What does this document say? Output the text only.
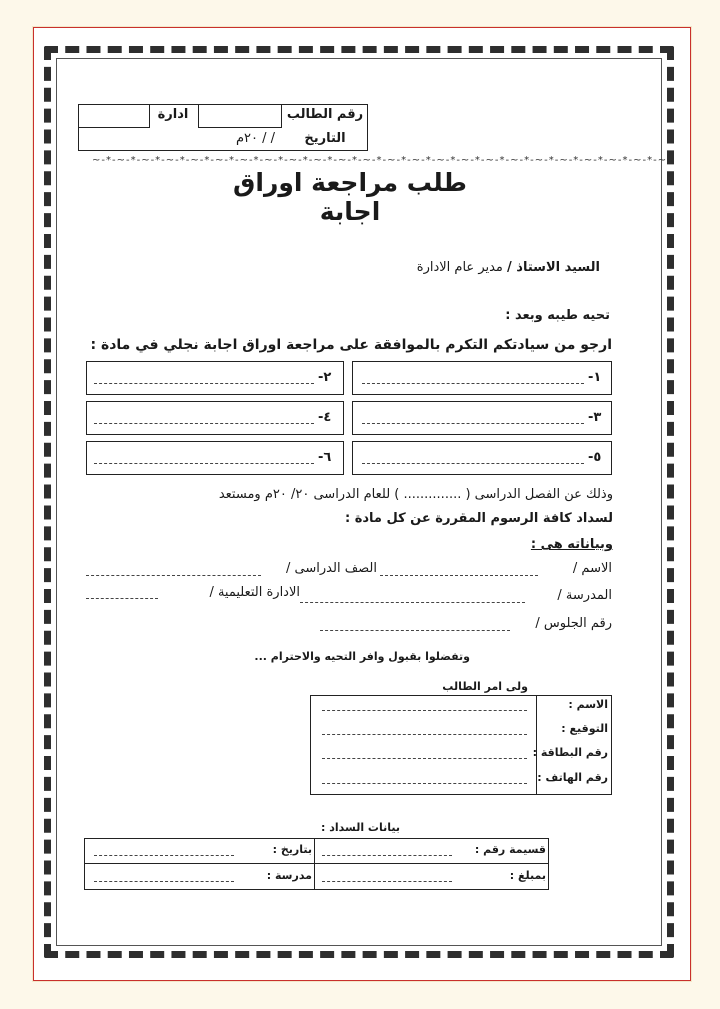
ادارة	رقم الطالب
التاريخ
/ / ٢٠م
~-*-~-*-~-*-~-*-~-*-~-*-~-*-~-*-~-*-~-*-~-*-~-*-~-*-~-*-~-*-~-*-~-*-~-*-~-*-~-*-~-*-~-*-~-*-~
طلب مراجعة اوراق اجابة
السيد الاستاذ / مدير عام الادارة
تحيه طيبه وبعد :
ارجو من سيادتكم التكرم بالموافقة على مراجعة اوراق اجابة نجلي في مادة :
-١
-٢
-٣
-٤
-٥
-٦
وذلك عن الفصل الدراسى ( .............. ) للعام الدراسى ٢٠/ ٢٠م ومستعد
لسداد كافة الرسوم المقررة عن كل مادة :
وبياناته هى :
الاسم /
الصف الدراسى /
المدرسة /
الادارة التعليمية /
رقم الجلوس /
وتفضلوا بقبول وافر التحيه والاحترام ...
ولى امر الطالب
الاسم :
التوقيع :
رقم البطاقة :
رقم الهاتف :
بيانات السداد :
قسيمة رقم :
بمبلغ :
بتاريخ :
مدرسة :
